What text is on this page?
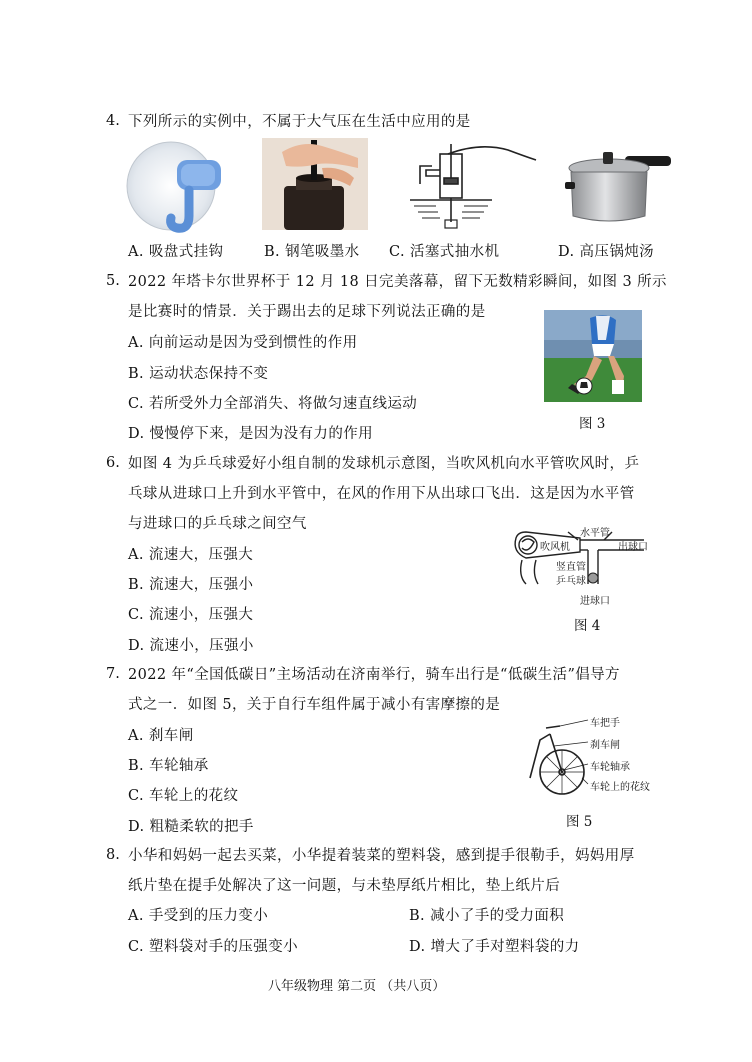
4. 下列所示的实例中，不属于大气压在生活中应用的是
A. 吸盘式挂钩	B. 钢笔吸墨水 C. 活塞式抽水机	D. 高压锅炖汤
5. 2022 年塔卡尔世界杯于 12 月 18 日完美落幕，留下无数精彩瞬间，如图 3 所示
是比赛时的情景．关于踢出去的足球下列说法正确的是
A. 向前运动是因为受到惯性的作用
B. 运动状态保持不变
C. 若所受外力全部消失、将做匀速直线运动
D. 慢慢停下来，是因为没有力的作用
图 3
6. 如图 4 为乒乓球爱好小组自制的发球机示意图，当吹风机向水平管吹风时，乒
乓球从进球口上升到水平管中，在风的作用下从出球口飞出．这是因为水平管
与进球口的乒乓球之间空气
A. 流速大，压强大
B. 流速大，压强小
C. 流速小，压强大
D. 流速小，压强小
水平管
吹风机	出球口
竖直管
乒乓球
进球口
图 4
7. 2022 年“全国低碳日”主场活动在济南举行，骑车出行是“低碳生活”倡导方
式之一．如图 5，关于自行车组件属于减小有害摩擦的是
A. 刹车闸
B. 车轮轴承
C. 车轮上的花纹
D. 粗糙柔软的把手
车把手
刹车闸
车轮轴承
车轮上的花纹
图 5
8. 小华和妈妈一起去买菜，小华提着装菜的塑料袋，感到提手很勒手，妈妈用厚
纸片垫在提手处解决了这一问题，与未垫厚纸片相比，垫上纸片后
A. 手受到的压力变小	B. 减小了手的受力面积
C. 塑料袋对手的压强变小	D. 增大了手对塑料袋的力
八年级物理 第二页 （共八页）
